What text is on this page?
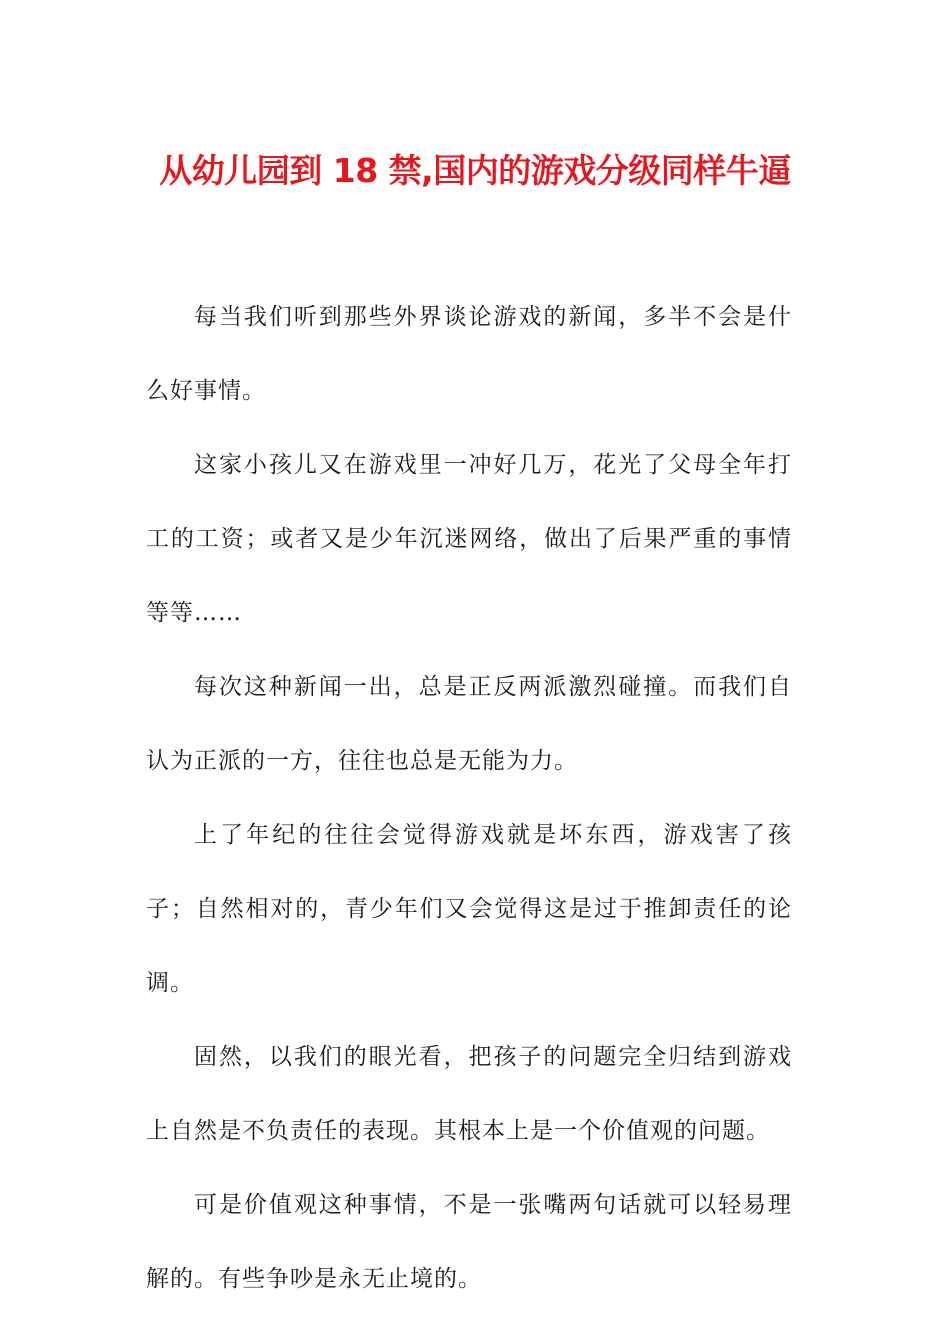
从幼儿园到 18 禁,国内的游戏分级同样牛逼

每当我们听到那些外界谈论游戏的新闻，多半不会是什么好事情。

这家小孩儿又在游戏里一冲好几万，花光了父母全年打工的工资；或者又是少年沉迷网络，做出了后果严重的事情等等……

每次这种新闻一出，总是正反两派激烈碰撞。而我们自认为正派的一方，往往也总是无能为力。

上了年纪的往往会觉得游戏就是坏东西，游戏害了孩子；自然相对的，青少年们又会觉得这是过于推卸责任的论调。

固然，以我们的眼光看，把孩子的问题完全归结到游戏上自然是不负责任的表现。其根本上是一个价值观的问题。

可是价值观这种事情，不是一张嘴两句话就可以轻易理解的。有些争吵是永无止境的。
